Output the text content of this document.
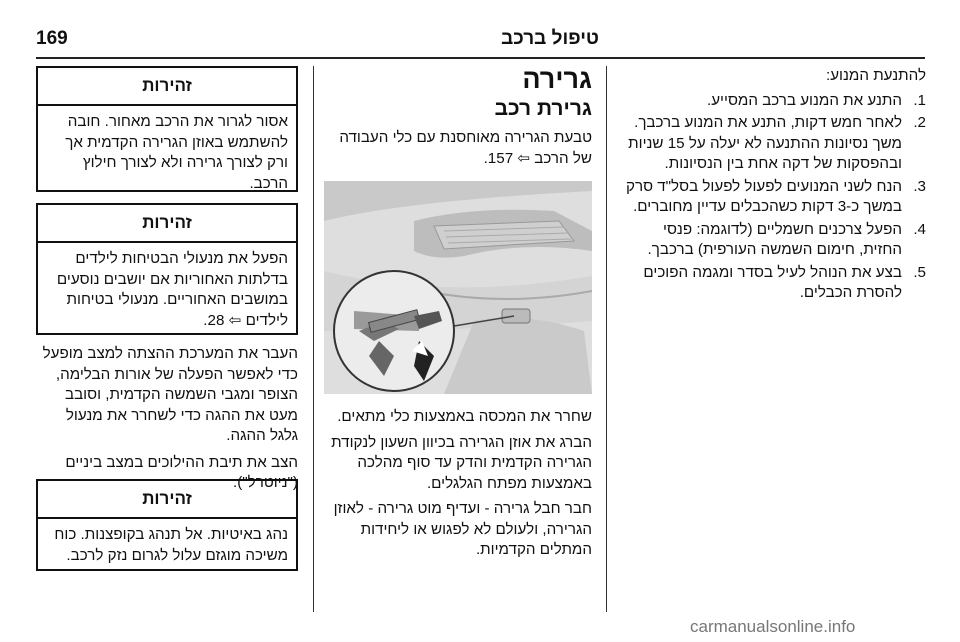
טיפול ברכב
169
זהירות
אסור לגרור את הרכב מאחור. חובה להשתמש באוזן הגרירה הקדמית אך ורק לצורך גרירה ולא לצורך חילוץ הרכב.
זהירות
הפעל את מנעולי הבטיחות לילדים בדלתות האחוריות אם יושבים נוסעים במושבים האחוריים. מנעולי בטיחות לילדים ⇦ 28.

העבר את המערכת ההצתה למצב מופעל כדי לאפשר הפעלה של אורות הבלימה, הצופר ומגבי השמשה הקדמית, וסובב מעט את ההגה כדי לשחרר את מנעול גלגל ההגה.

הצב את תיבת ההילוכים במצב ביניים ("ניוטרל").

זהירות
נהג באיטיות. אל תנהג בקופצנות. כוח משיכה מוגזם עלול לגרום נזק לרכב.
גרירה
גרירת רכב

טבעת הגרירה מאוחסנת עם כלי העבודה של הרכב ⇦ 157.

שחרר את המכסה באמצעות כלי מתאים.

הברג את אוזן הגרירה בכיוון השעון לנקודת הגרירה הקדמית והדק עד סוף מהלכה באמצעות מפתח הגלגלים.

חבר חבל גרירה - ועדיף מוט גרירה - לאוזן הגרירה, ולעולם לא לפגוש או ליחידות המתלים הקדמיות.

להתנעת המנוע:

1.
התנע את המנוע ברכב המסייע.
2.
לאחר חמש דקות, התנע את המנוע ברכבך. משך נסיונות ההתנעה לא יעלה על 15 שניות ובהפסקות של דקה אחת בין הנסיונות.
3.
הנח לשני המנועים לפעול לפעול בסל"ד סרק במשך כ-3 דקות כשהכבלים עדיין מחוברים.
4.
הפעל צרכנים חשמליים (לדוגמה: פנסי החזית, חימום השמשה העורפית) ברכבך.
5.
בצע את הנוהל לעיל בסדר ומגמה הפוכים להסרת הכבלים.
carmanualsonline.info
